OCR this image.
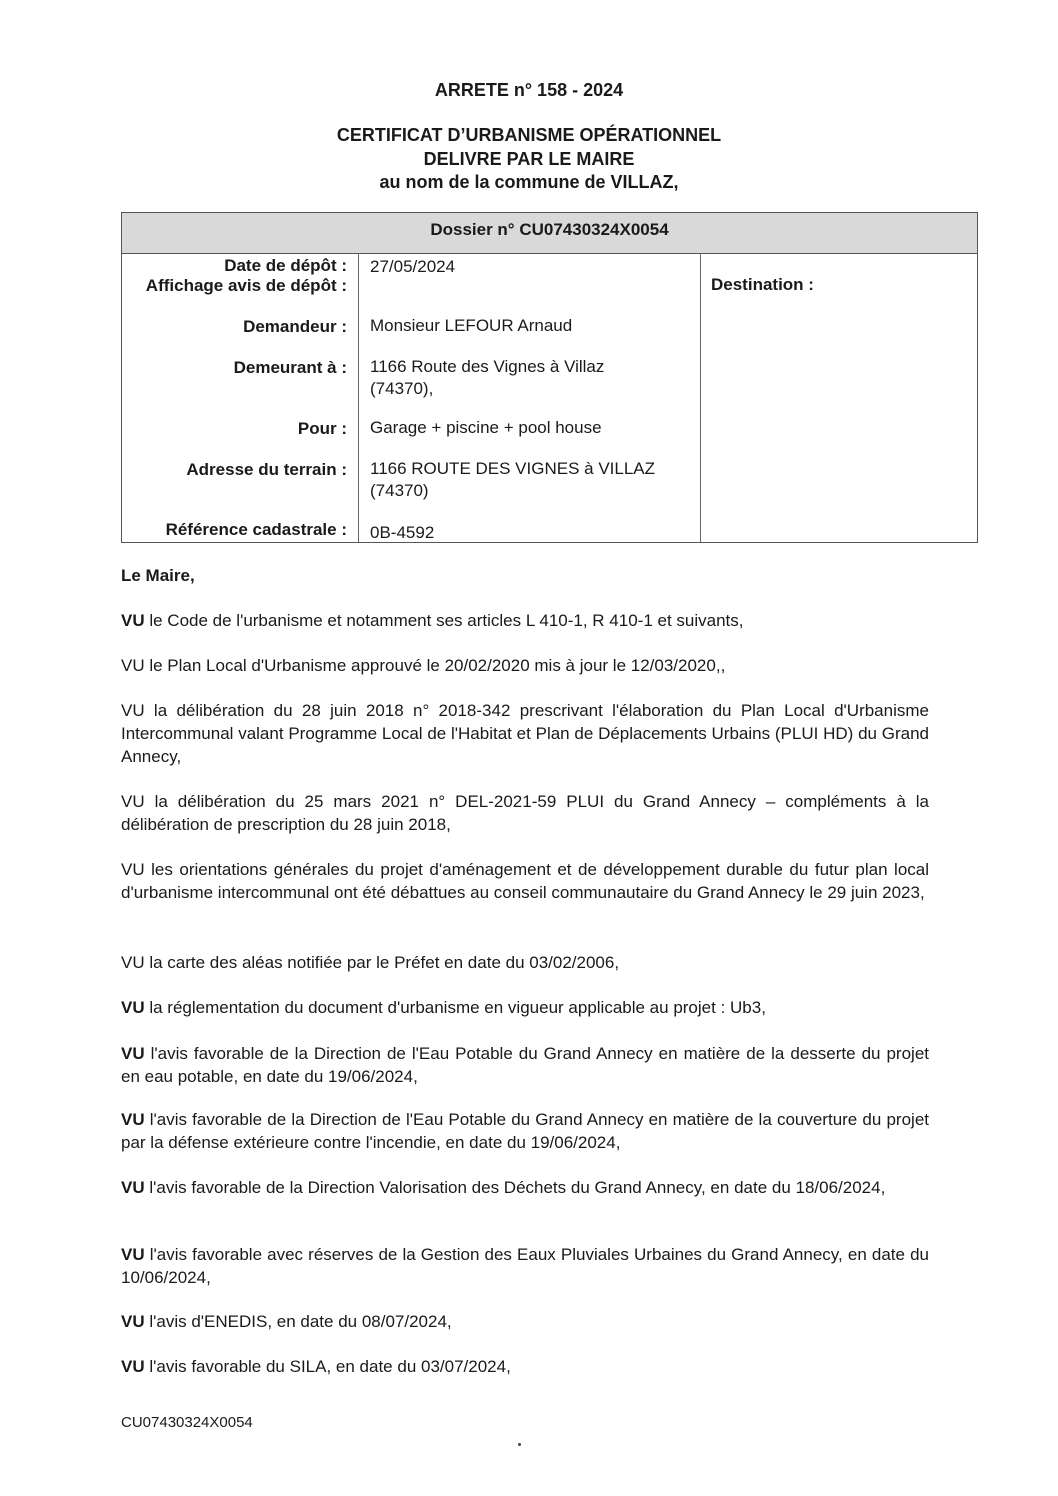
ARRETE n° 158 - 2024
CERTIFICAT D’URBANISME OPÉRATIONNEL
DELIVRE PAR LE MAIRE
au nom de la commune de VILLAZ,
Dossier n° CU07430324X0054
Date de dépôt : 27/05/2024
Affichage avis de dépôt :
Demandeur : Monsieur LEFOUR Arnaud
Demeurant à : 1166 Route des Vignes à Villaz (74370),
Pour : Garage + piscine + pool house
Adresse du terrain : 1166 ROUTE DES VIGNES à VILLAZ (74370)
Référence cadastrale : 0B-4592
Destination :
Le Maire,
VU le Code de l'urbanisme et notamment ses articles L 410-1, R 410-1 et suivants,
VU le Plan Local d'Urbanisme approuvé le 20/02/2020 mis à jour le 12/03/2020,,
VU la délibération du 28 juin 2018 n° 2018-342 prescrivant l'élaboration du Plan Local d'Urbanisme Intercommunal valant Programme Local de l'Habitat et Plan de Déplacements Urbains (PLUI HD) du Grand Annecy,
VU la délibération du 25 mars 2021 n° DEL-2021-59 PLUI du Grand Annecy – compléments à la délibération de prescription du 28 juin 2018,
VU les orientations générales du projet d'aménagement et de développement durable du futur plan local d'urbanisme intercommunal ont été débattues au conseil communautaire du Grand Annecy le 29 juin 2023,
VU la carte des aléas notifiée par le Préfet en date du 03/02/2006,
VU la réglementation du document d'urbanisme en vigueur applicable au projet : Ub3,
VU l'avis favorable de la Direction de l'Eau Potable du Grand Annecy en matière de la desserte du projet en eau potable, en date du 19/06/2024,
VU l'avis favorable de la Direction de l'Eau Potable du Grand Annecy en matière de la couverture du projet par la défense extérieure contre l'incendie, en date du 19/06/2024,
VU l'avis favorable de la Direction Valorisation des Déchets du Grand Annecy, en date du 18/06/2024,
VU l'avis favorable avec réserves de la Gestion des Eaux Pluviales Urbaines du Grand Annecy, en date du 10/06/2024,
VU l'avis d'ENEDIS, en date du 08/07/2024,
VU l'avis favorable du SILA, en date du 03/07/2024,
CU07430324X0054
